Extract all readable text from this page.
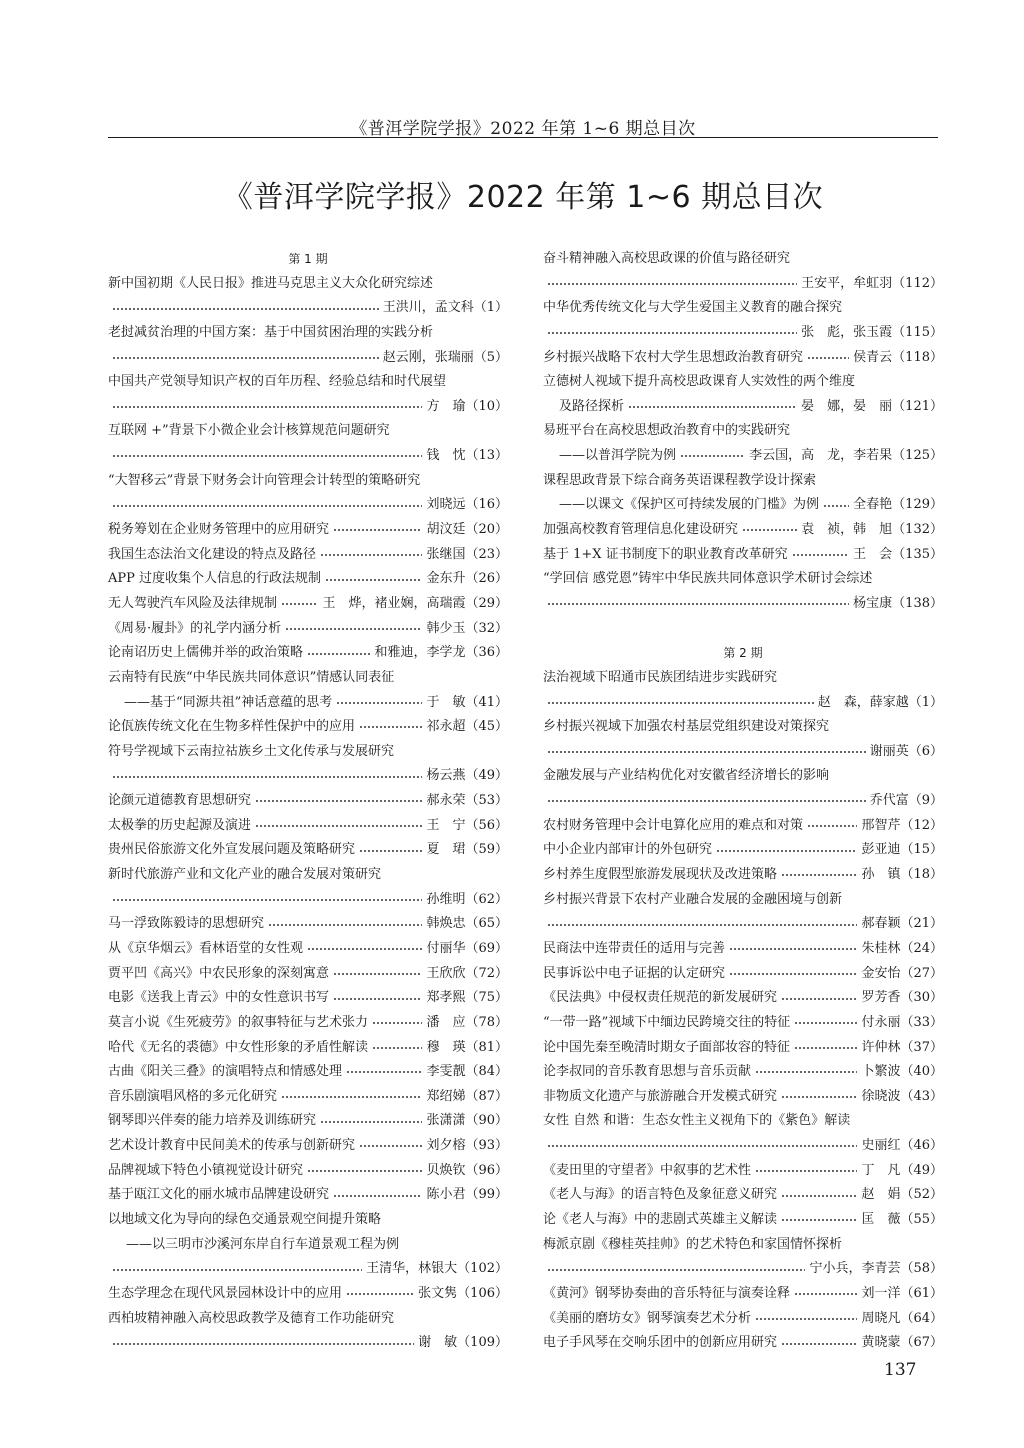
《普洱学院学报》2022 年第 1~6 期总目次
《普洱学院学报》2022 年第 1~6 期总目次
第 1 期
新中国初期《人民日报》推进马克思主义大众化研究综述
王洪川，孟文科（1）
老挝减贫治理的中国方案：基于中国贫困治理的实践分析
赵云刚，张瑞丽（5）
中国共产党领导知识产权的百年历程、经验总结和时代展望
方　瑜（10）
互联网 +”背景下小微企业会计核算规范问题研究
钱　忱（13）
“大智移云”背景下财务会计向管理会计转型的策略研究
刘晓远（16）
税务筹划在企业财务管理中的应用研究	胡汶廷（20）
我国生态法治文化建设的特点及路径	张继国（23）
APP 过度收集个人信息的行政法规制	金东升（26）
无人驾驶汽车风险及法律规制	王　烨，褚业娴，高瑞霞（29）
《周易·履卦》的礼学内涵分析	韩少玉（32）
论南诏历史上儒佛并举的政治策略	和雅迪，李学龙（36）
云南特有民族“中华民族共同体意识”情感认同表征
——基于“同源共祖”神话意蕴的思考	于　敏（41）
论佤族传统文化在生物多样性保护中的应用	祁永超（45）
符号学视域下云南拉祜族乡土文化传承与发展研究
杨云燕（49）
论颜元道德教育思想研究	郝永荣（53）
太极拳的历史起源及演进	王　宁（56）
贵州民俗旅游文化外宣发展问题及策略研究	夏　珺（59）
新时代旅游产业和文化产业的融合发展对策研究
孙维明（62）
马一浮致陈毅诗的思想研究	韩焕忠（65）
从《京华烟云》看林语堂的女性观	付丽华（69）
贾平凹《高兴》中农民形象的深刻寓意	王欣欣（72）
电影《送我上青云》中的女性意识书写	郑孝熙（75）
莫言小说《生死疲劳》的叙事特征与艺术张力	潘　应（78）
哈代《无名的裘德》中女性形象的矛盾性解读	穆　瑛（81）
古曲《阳关三叠》的演唱特点和情感处理	李雯靓（84）
音乐剧演唱风格的多元化研究	郑绍娣（87）
钢琴即兴伴奏的能力培养及训练研究	张潇潇（90）
艺术设计教育中民间美术的传承与创新研究	刘夕榕（93）
品牌视域下特色小镇视觉设计研究	贝焕钦（96）
基于瓯江文化的丽水城市品牌建设研究	陈小君（99）
以地域文化为导向的绿色交通景观空间提升策略
——以三明市沙溪河东岸自行车道景观工程为例
王清华，林银大（102）
生态学理念在现代风景园林设计中的应用	张文隽（106）
西柏坡精神融入高校思政教学及德育工作功能研究
谢　敏（109）
奋斗精神融入高校思政课的价值与路径研究
王安平，牟虹羽（112）
中华优秀传统文化与大学生爱国主义教育的融合探究
张　彪，张玉霞（115）
乡村振兴战略下农村大学生思想政治教育研究	侯青云（118）
立德树人视域下提升高校思政课育人实效性的两个维度
及路径探析	晏　娜，晏　丽（121）
易班平台在高校思想政治教育中的实践研究
——以普洱学院为例	李云国，高　龙，李若果（125）
课程思政背景下综合商务英语课程教学设计探索
——以课文《保护区可持续发展的门槛》为例	全春艳（129）
加强高校教育管理信息化建设研究	袁　祯，韩　旭（132）
基于 1+X 证书制度下的职业教育改革研究	王　会（135）
“学回信 感党恩”铸牢中华民族共同体意识学术研讨会综述
杨宝康（138）
第 2 期
法治视域下昭通市民族团结进步实践研究
赵　森，薛家越（1）
乡村振兴视域下加强农村基层党组织建设对策探究
谢丽英（6）
金融发展与产业结构优化对安徽省经济增长的影响
乔代富（9）
农村财务管理中会计电算化应用的难点和对策	邢智芹（12）
中小企业内部审计的外包研究	彭亚迪（15）
乡村养生度假型旅游发展现状及改进策略	孙　镇（18）
乡村振兴背景下农村产业融合发展的金融困境与创新
郝春颖（21）
民商法中连带责任的适用与完善	朱桂林（24）
民事诉讼中电子证据的认定研究	金安怡（27）
《民法典》中侵权责任规范的新发展研究	罗芳香（30）
“一带一路”视域下中缅边民跨境交往的特征	付永丽（33）
论中国先秦至晚清时期女子面部妆容的特征	许仲林（37）
论李叔同的音乐教育思想与音乐贡献	卜繁波（40）
非物质文化遗产与旅游融合开发模式研究	徐晓波（43）
女性 自然 和谐：生态女性主义视角下的《紫色》解读
史丽红（46）
《麦田里的守望者》中叙事的艺术性	丁　凡（49）
《老人与海》的语言特色及象征意义研究	赵　娟（52）
论《老人与海》中的悲剧式英雄主义解读	匡　薇（55）
梅派京剧《穆桂英挂帅》的艺术特色和家国情怀探析
宁小兵，李青芸（58）
《黄河》钢琴协奏曲的音乐特征与演奏诠释	刘一洋（61）
《美丽的磨坊女》钢琴演奏艺术分析	周晓凡（64）
电子手风琴在交响乐团中的创新应用研究	黄晓蒙（67）
137
